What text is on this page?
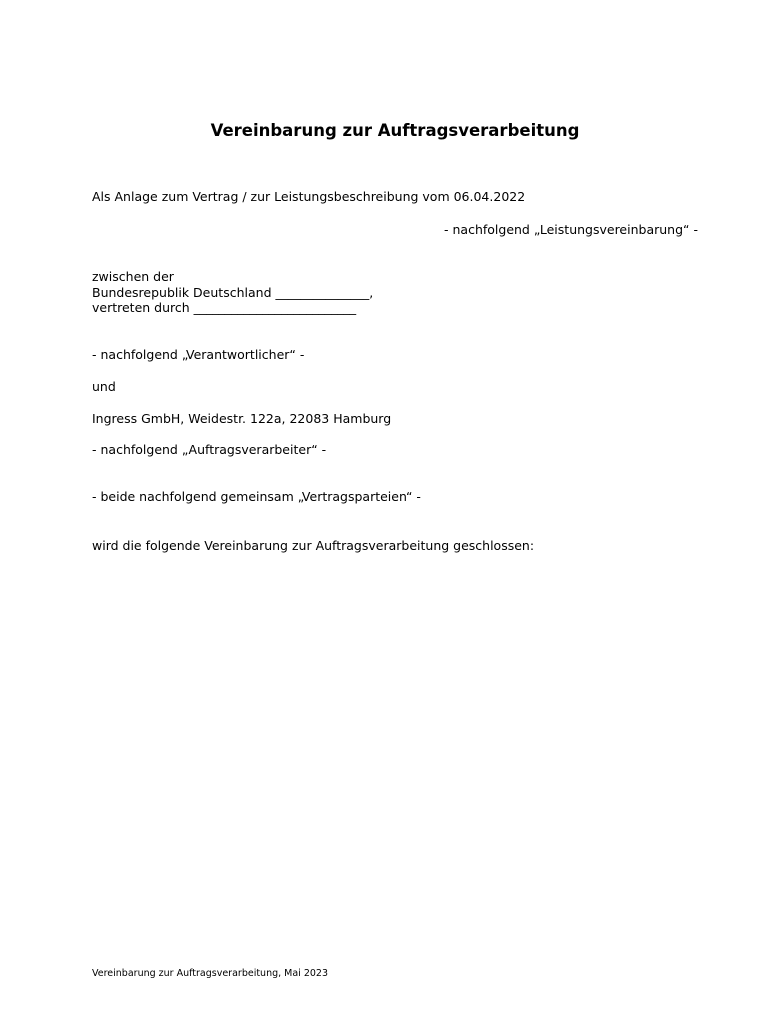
Vereinbarung zur Auftragsverarbeitung
Als Anlage zum Vertrag / zur Leistungsbeschreibung vom 06.04.2022
- nachfolgend „Leistungsvereinbarung“ -
zwischen der
Bundesrepublik Deutschland _______________,
vertreten durch __________________________
- nachfolgend „Verantwortlicher“ -
und
Ingress GmbH, Weidestr. 122a, 22083 Hamburg
- nachfolgend „Auftragsverarbeiter“ -
- beide nachfolgend gemeinsam „Vertragsparteien“ -
wird die folgende Vereinbarung zur Auftragsverarbeitung geschlossen:
Vereinbarung zur Auftragsverarbeitung, Mai 2023
